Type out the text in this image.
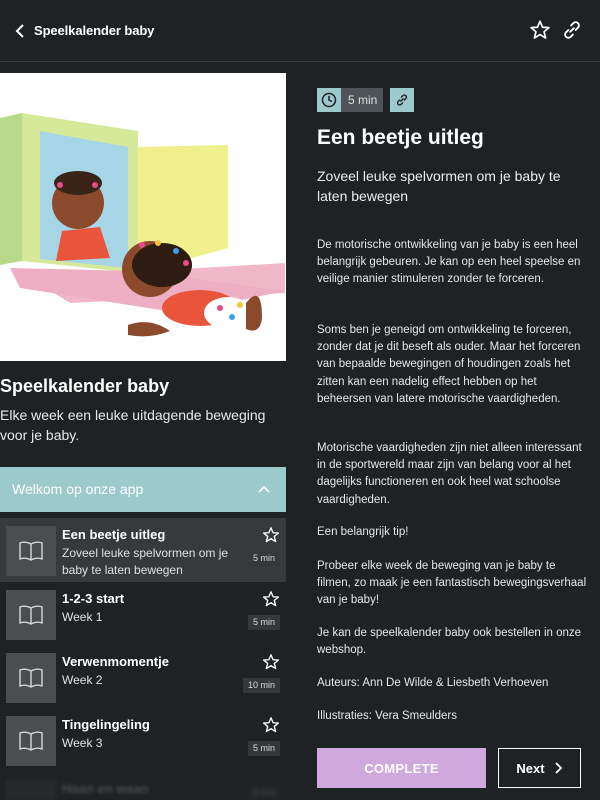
Speelkalender baby
Speelkalender baby
Elke week een leuke uitdagende beweging voor je baby.
Welkom op onze app
Een beetje uitleg
Zoveel leuke spelvormen om je baby te laten bewegen
5 min
1-2-3 start
Week 1	5 min
Verwenmomentje
Week 2	10 min
Tingelingeling
Week 3	5 min
Haan en waan	5 min
5 min
Een beetje uitleg
Zoveel leuke spelvormen om je baby te laten bewegen
De motorische ontwikkeling van je baby is een heel belangrijk gebeuren. Je kan op een heel speelse en veilige manier stimuleren zonder te forceren.
Soms ben je geneigd om ontwikkeling te forceren, zonder dat je dit beseft als ouder. Maar het forceren van bepaalde bewegingen of houdingen zoals het zitten kan een nadelig effect hebben op het beheersen van latere motorische vaardigheden.
Motorische vaardigheden zijn niet alleen interessant in de sportwereld maar zijn van belang voor al het dagelijks functioneren en ook heel wat schoolse vaardigheden.
Een belangrijk tip!
Probeer elke week de beweging van je baby te filmen, zo maak je een fantastisch bewegingsverhaal van je baby!
Je kan de speelkalender baby ook bestellen in onze webshop.
Auteurs: Ann De Wilde & Liesbeth Verhoeven
Illustraties: Vera Smeulders
COMPLETE	Next
